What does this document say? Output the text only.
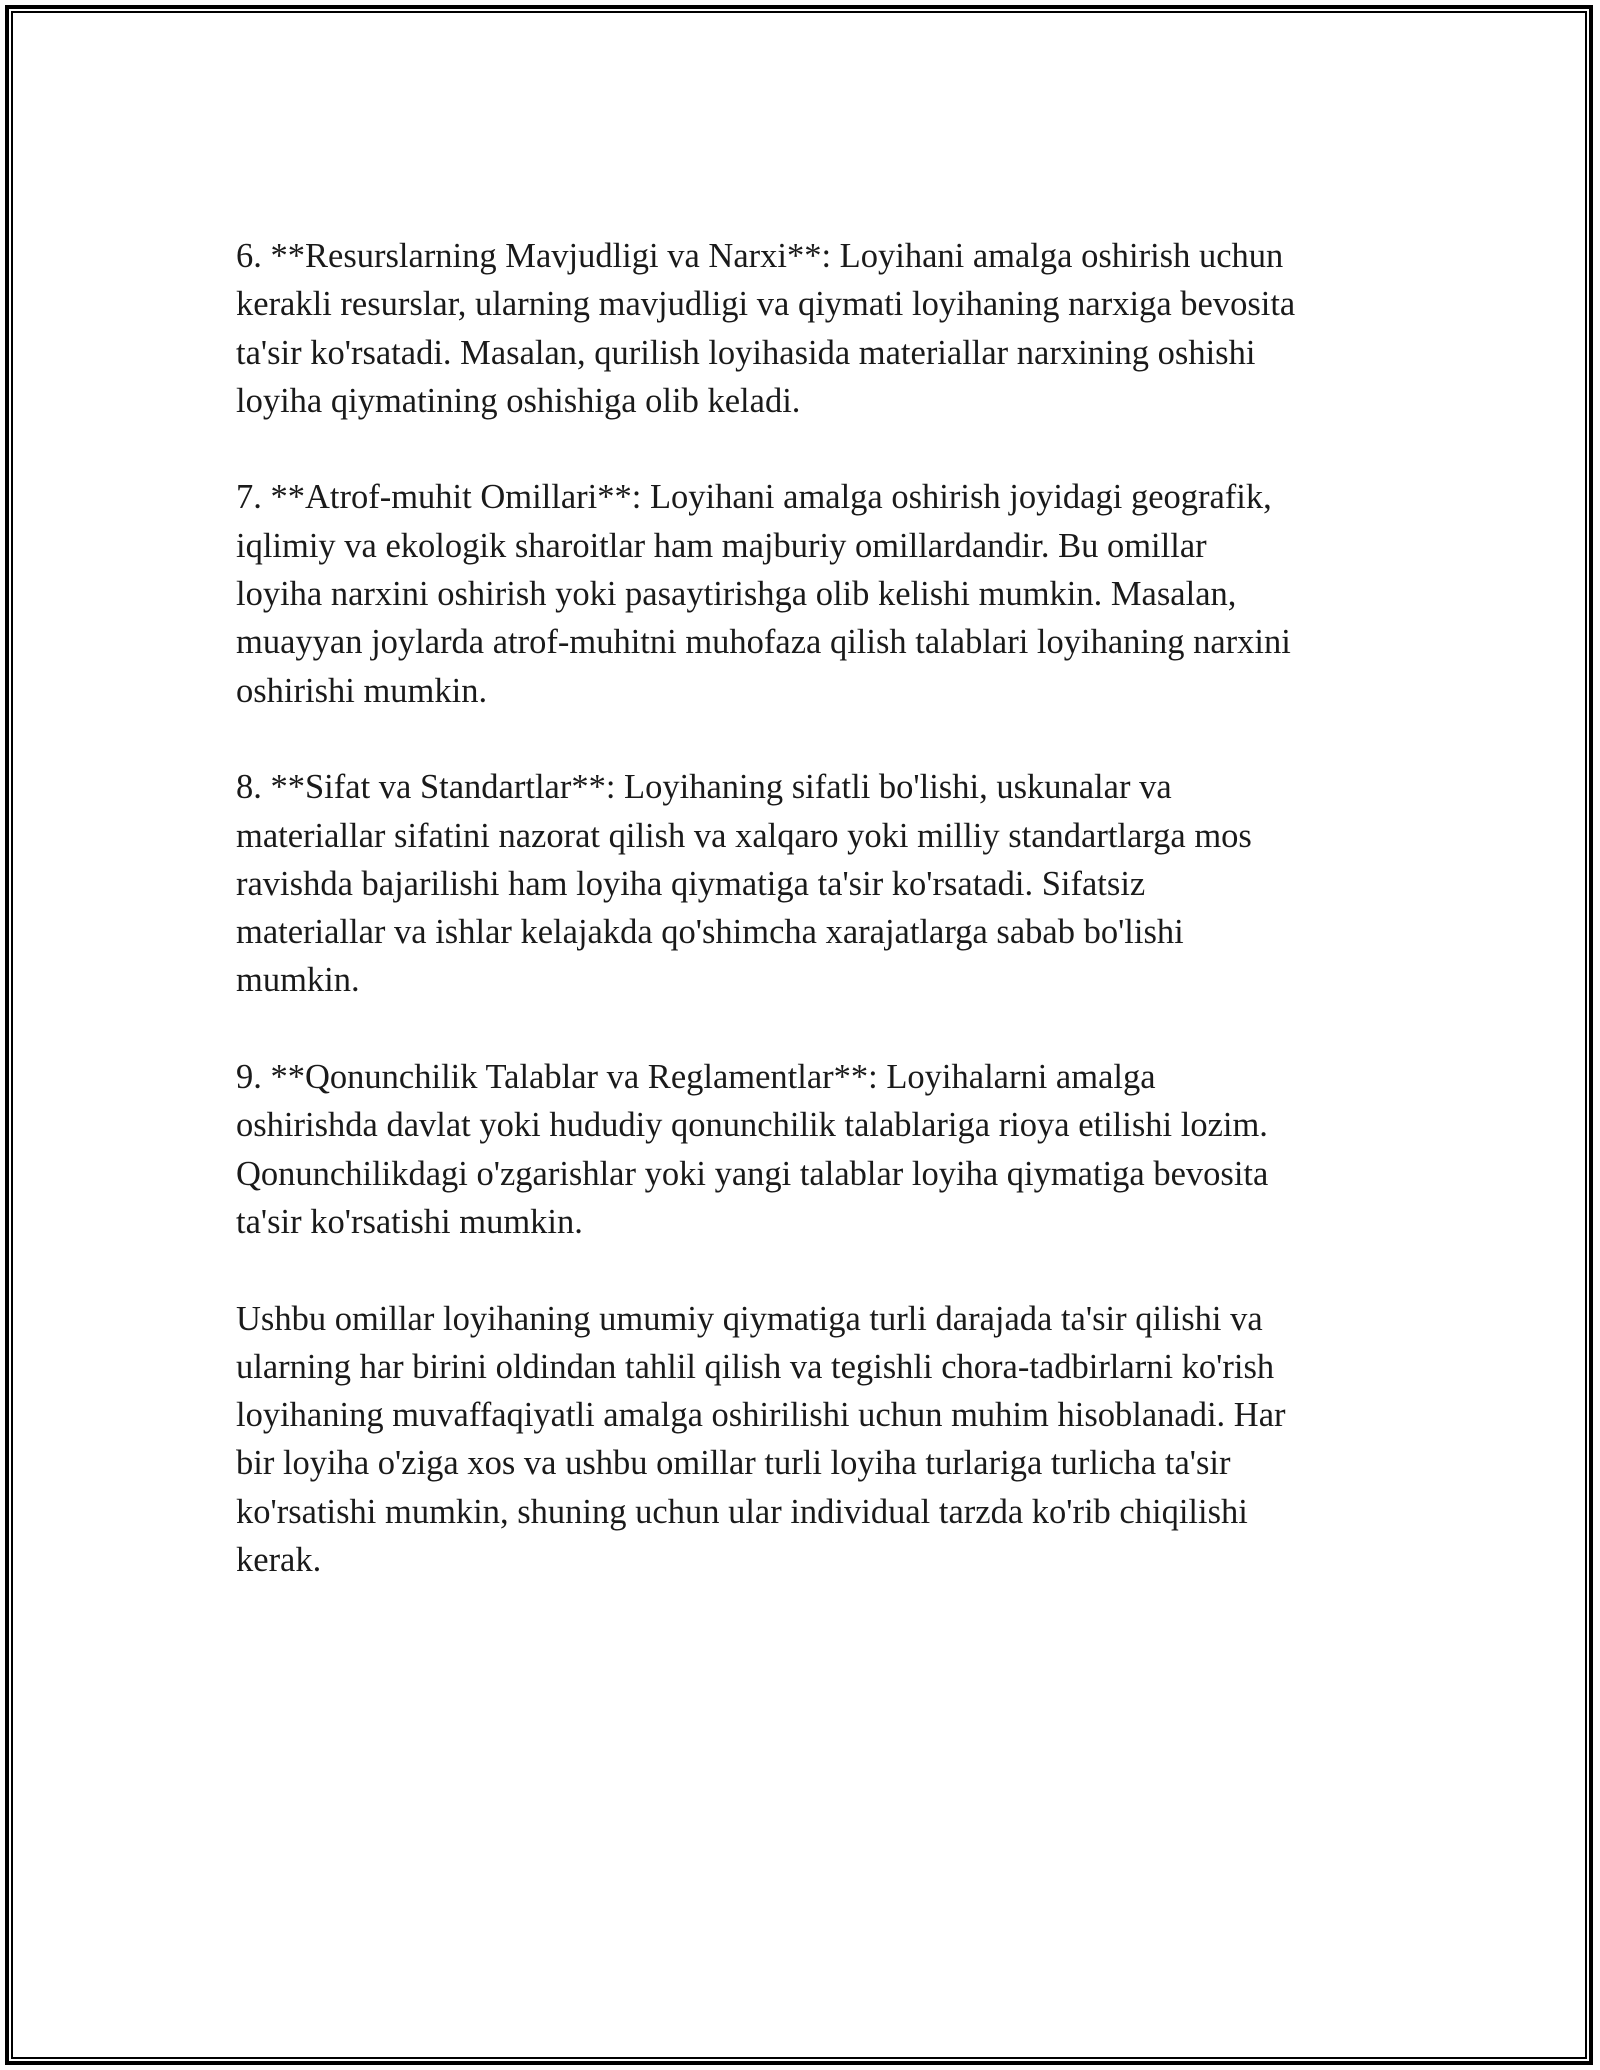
6. **Resurslarning Mavjudligi va Narxi**: Loyihani amalga oshirish uchun
kerakli resurslar, ularning mavjudligi va qiymati loyihaning narxiga bevosita
ta'sir ko'rsatadi. Masalan, qurilish loyihasida materiallar narxining oshishi
loyiha qiymatining oshishiga olib keladi.

7. **Atrof-muhit Omillari**: Loyihani amalga oshirish joyidagi geografik,
iqlimiy va ekologik sharoitlar ham majburiy omillardandir. Bu omillar
loyiha narxini oshirish yoki pasaytirishga olib kelishi mumkin. Masalan,
muayyan joylarda atrof-muhitni muhofaza qilish talablari loyihaning narxini
oshirishi mumkin.

8. **Sifat va Standartlar**: Loyihaning sifatli bo'lishi, uskunalar va
materiallar sifatini nazorat qilish va xalqaro yoki milliy standartlarga mos
ravishda bajarilishi ham loyiha qiymatiga ta'sir ko'rsatadi. Sifatsiz
materiallar va ishlar kelajakda qo'shimcha xarajatlarga sabab bo'lishi
mumkin.

9. **Qonunchilik Talablar va Reglamentlar**: Loyihalarni amalga
oshirishda davlat yoki hududiy qonunchilik talablariga rioya etilishi lozim.
Qonunchilikdagi o'zgarishlar yoki yangi talablar loyiha qiymatiga bevosita
ta'sir ko'rsatishi mumkin.

Ushbu omillar loyihaning umumiy qiymatiga turli darajada ta'sir qilishi va
ularning har birini oldindan tahlil qilish va tegishli chora-tadbirlarni ko'rish
loyihaning muvaffaqiyatli amalga oshirilishi uchun muhim hisoblanadi. Har
bir loyiha o'ziga xos va ushbu omillar turli loyiha turlariga turlicha ta'sir
ko'rsatishi mumkin, shuning uchun ular individual tarzda ko'rib chiqilishi
kerak.
